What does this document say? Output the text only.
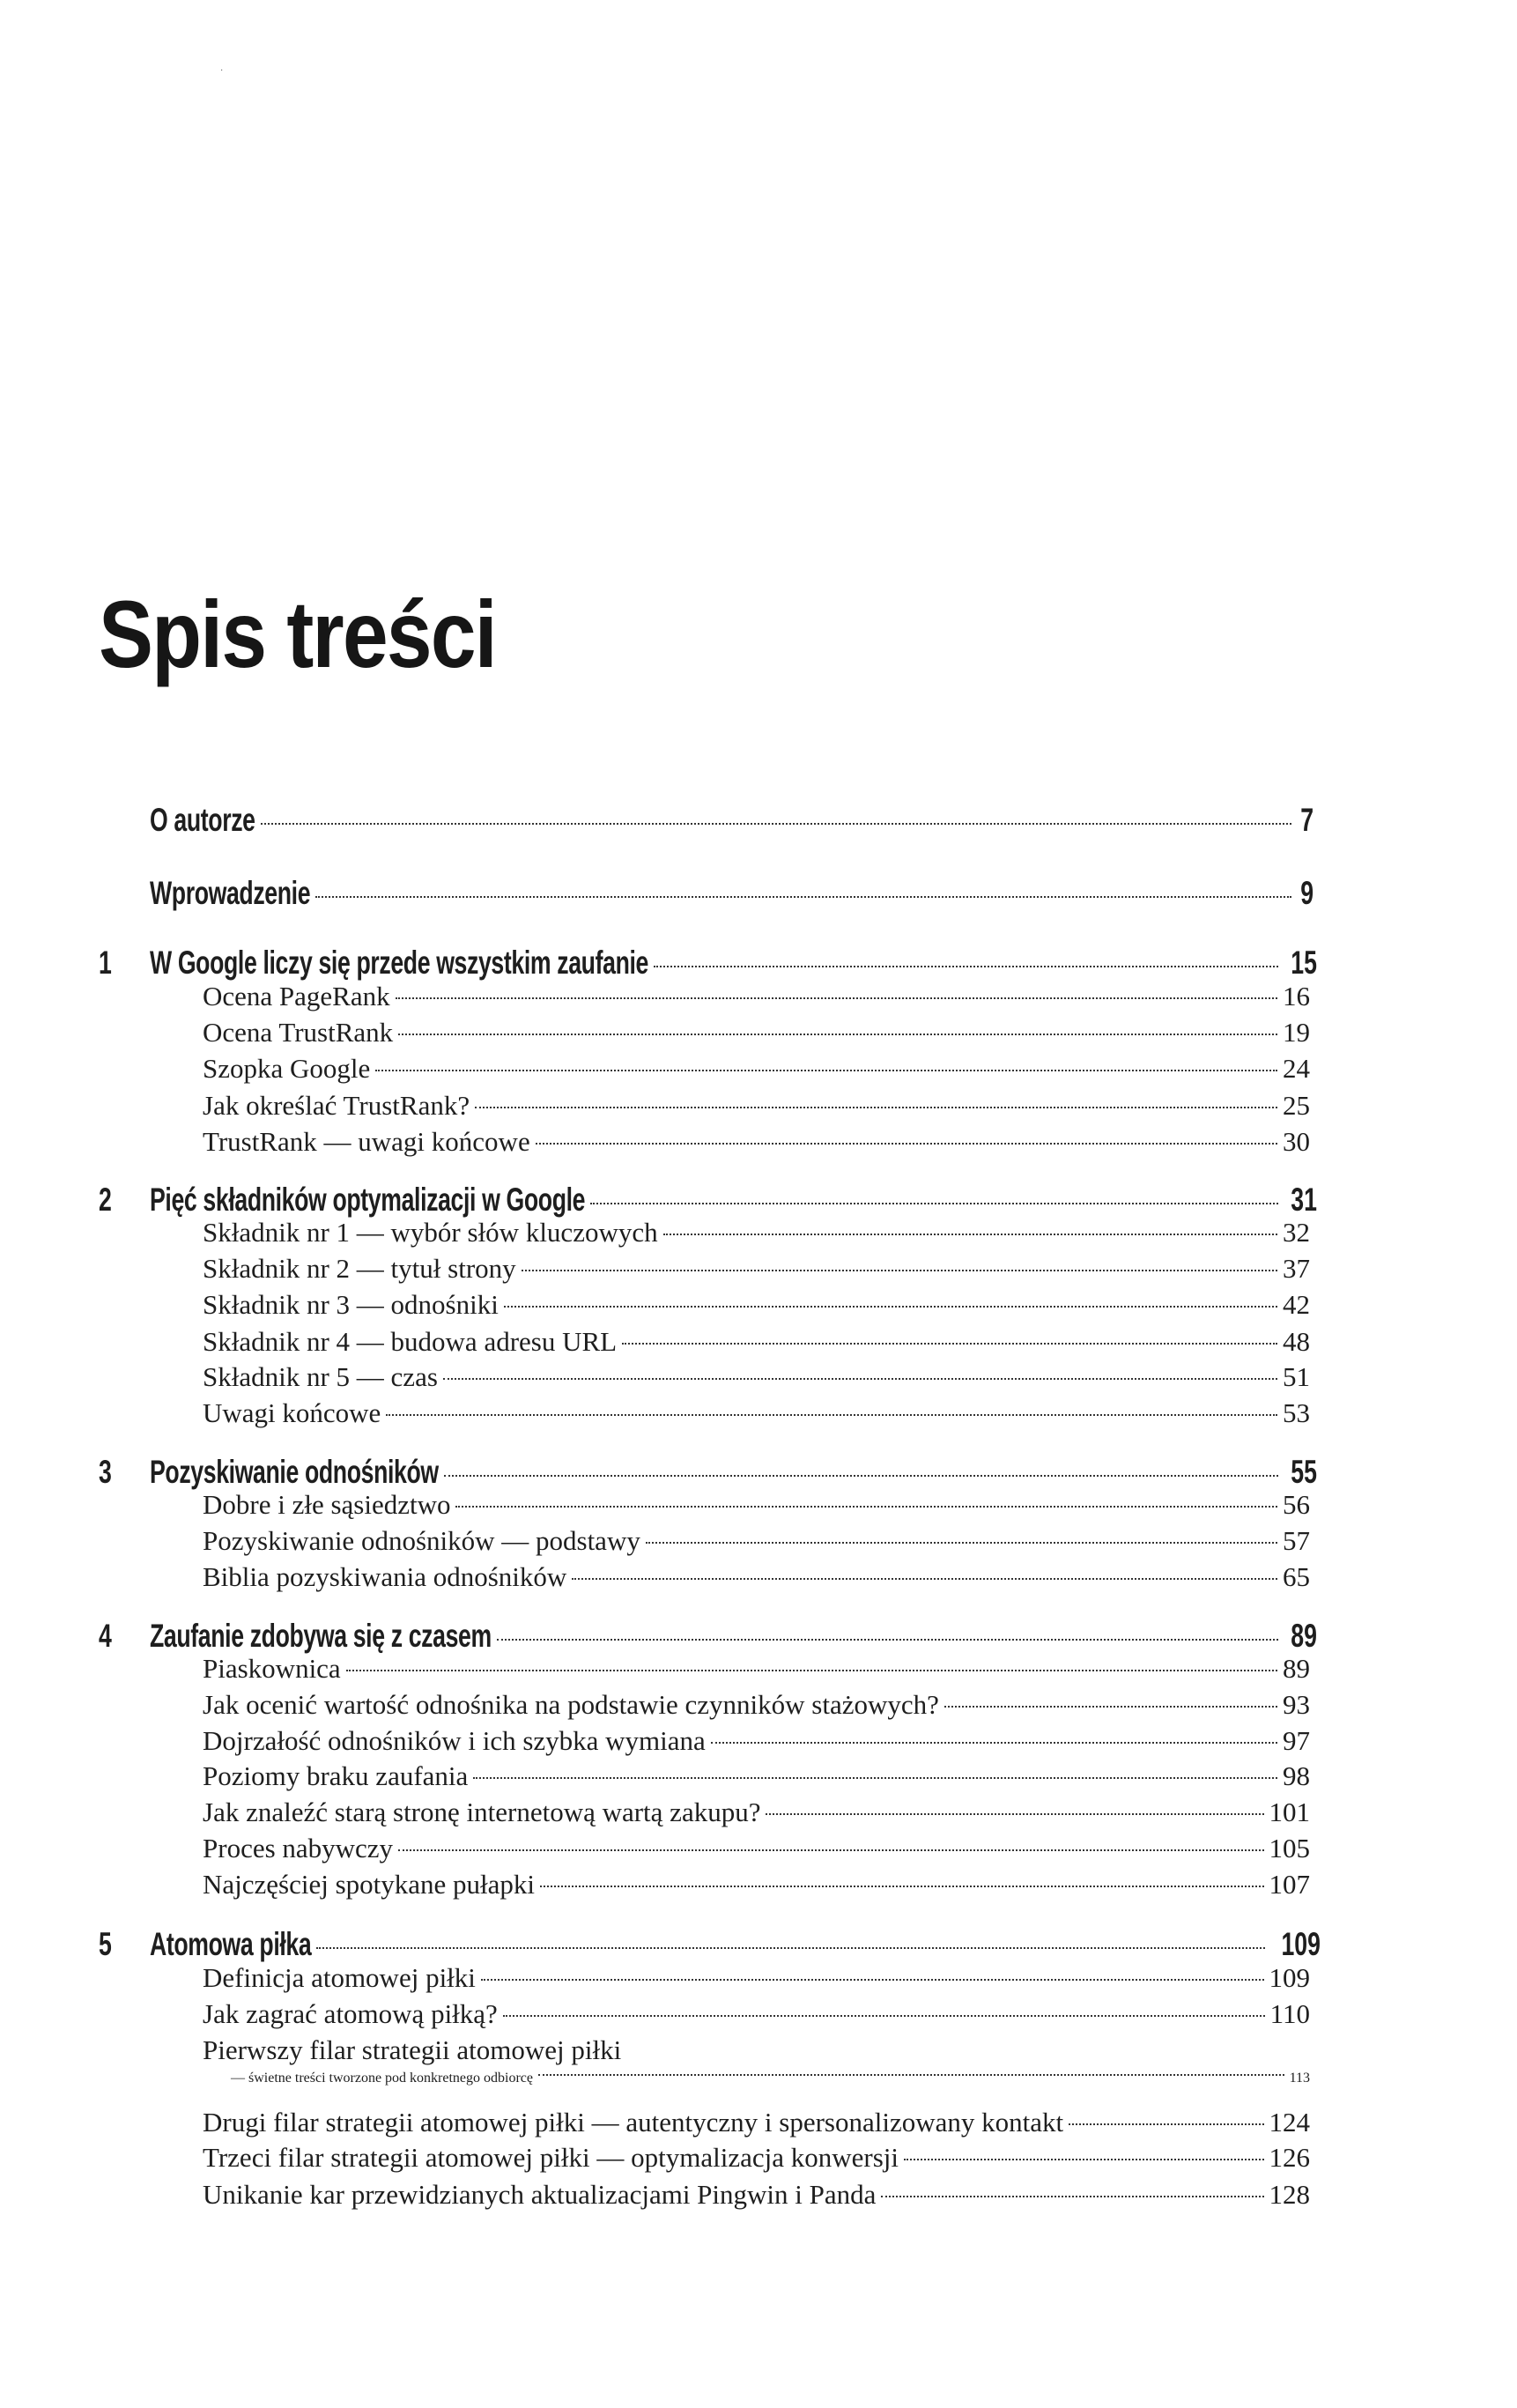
·
Spis treści
O autorze	7
Wprowadzenie	9
1 W Google liczy się przede wszystkim zaufanie	15
Ocena PageRank	16
Ocena TrustRank	19
Szopka Google	24
Jak określać TrustRank?	25
TrustRank — uwagi końcowe	30
2 Pięć składników optymalizacji w Google	31
Składnik nr 1 — wybór słów kluczowych	32
Składnik nr 2 — tytuł strony	37
Składnik nr 3 — odnośniki	42
Składnik nr 4 — budowa adresu URL	48
Składnik nr 5 — czas	51
Uwagi końcowe	53
3 Pozyskiwanie odnośników	55
Dobre i złe sąsiedztwo	56
Pozyskiwanie odnośników — podstawy	57
Biblia pozyskiwania odnośników	65
4 Zaufanie zdobywa się z czasem	89
Piaskownica	89
Jak ocenić wartość odnośnika na podstawie czynników stażowych?	93
Dojrzałość odnośników i ich szybka wymiana	97
Poziomy braku zaufania	98
Jak znaleźć starą stronę internetową wartą zakupu?	101
Proces nabywczy	105
Najczęściej spotykane pułapki	107
5 Atomowa piłka	109
Definicja atomowej piłki	109
Jak zagrać atomową piłką?	110
Pierwszy filar strategii atomowej piłki
— świetne treści tworzone pod konkretnego odbiorcę	113
Drugi filar strategii atomowej piłki — autentyczny i spersonalizowany kontakt	124
Trzeci filar strategii atomowej piłki — optymalizacja konwersji	126
Unikanie kar przewidzianych aktualizacjami Pingwin i Panda	128
